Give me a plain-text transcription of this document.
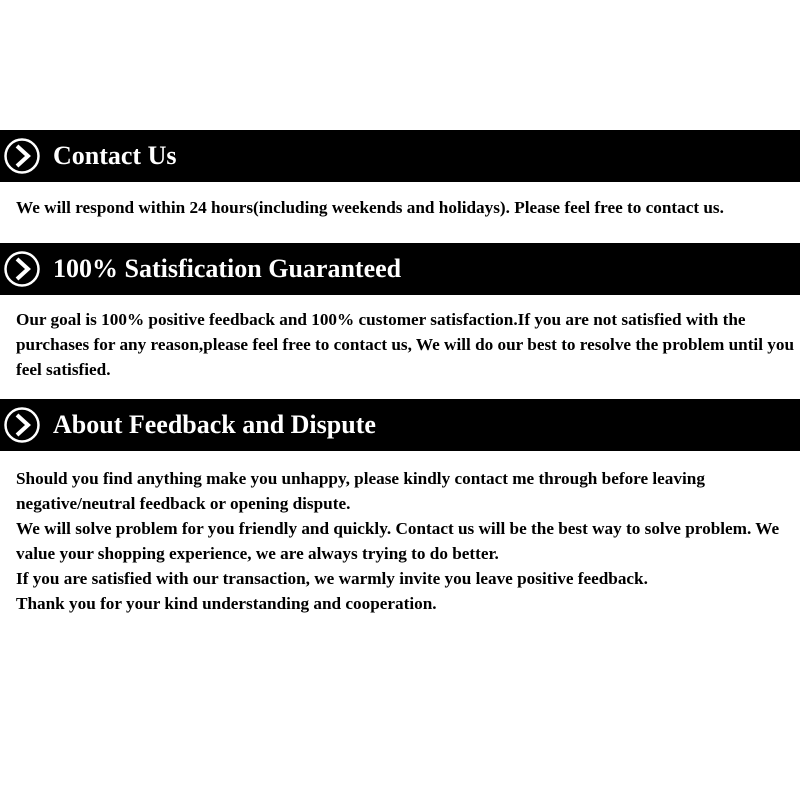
Contact Us

We will respond within 24 hours(including weekends and holidays). Please feel free to contact us.

100% Satisfication Guaranteed

Our goal is 100% positive feedback and 100% customer satisfaction.If you are not satisfied with the purchases for any reason,please feel free to contact us, We will do our best to resolve the problem until you feel satisfied.

About Feedback and Dispute

Should you find anything make you unhappy, please kindly contact me through before leaving negative/neutral feedback or opening dispute.

We will solve problem for you friendly and quickly. Contact us will be the best way to solve problem. We value your shopping experience, we are always trying to do better.

If you are satisfied with our transaction, we warmly invite you leave positive feedback.

Thank you for your kind understanding and cooperation.
